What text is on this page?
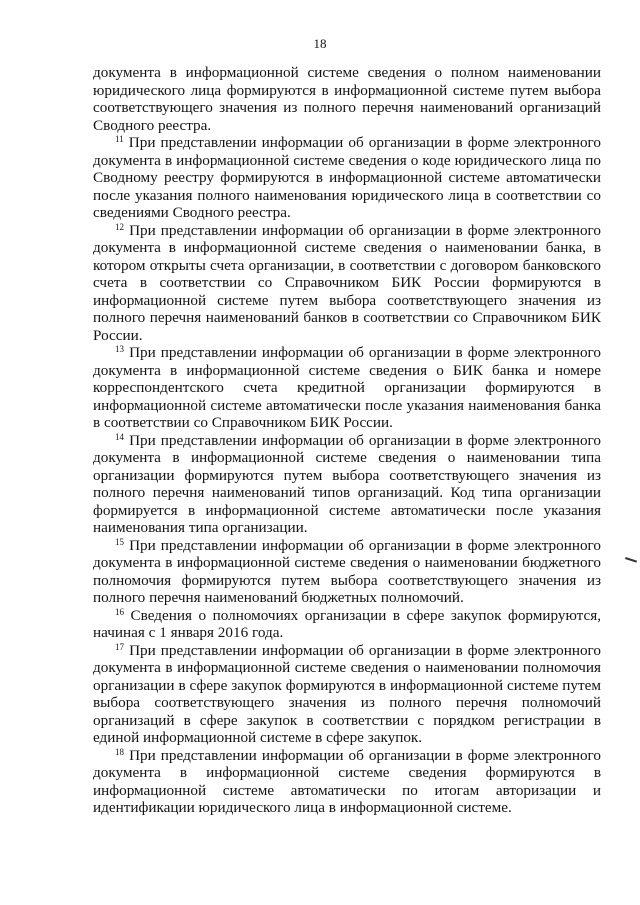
18

документа в информационной системе сведения о полном наименовании юридического лица формируются в информационной системе путем выбора соответствующего значения из полного перечня наименований организаций Сводного реестра.

$^{11}$ При представлении информации об организации в форме электронного документа в информационной системе сведения о коде юридического лица по Сводному реестру формируются в информационной системе автоматически после указания полного наименования юридического лица в соответствии со сведениями Сводного реестра.

$^{12}$ При представлении информации об организации в форме электронного документа в информационной системе сведения о наименовании банка, в котором открыты счета организации, в соответствии с договором банковского счета в соответствии со Справочником БИК России формируются в информационной системе путем выбора соответствующего значения из полного перечня наименований банков в соответствии со Справочником БИК России.

$^{13}$ При представлении информации об организации в форме электронного документа в информационной системе сведения о БИК банка и номере корреспондентского счета кредитной организации формируются в информационной системе автоматически после указания наименования банка в соответствии со Справочником БИК России.

$^{14}$ При представлении информации об организации в форме электронного документа в информационной системе сведения о наименовании типа организации формируются путем выбора соответствующего значения из полного перечня наименований типов организаций. Код типа организации формируется в информационной системе автоматически после указания наименования типа организации.

$^{15}$ При представлении информации об организации в форме электронного документа в информационной системе сведения о наименовании бюджетного полномочия формируются путем выбора соответствующего значения из полного перечня наименований бюджетных полномочий.

$^{16}$ Сведения о полномочиях организации в сфере закупок формируются, начиная с 1 января 2016 года.

$^{17}$ При представлении информации об организации в форме электронного документа в информационной системе сведения о наименовании полномочия организации в сфере закупок формируются в информационной системе путем выбора соответствующего значения из полного перечня полномочий организаций в сфере закупок в соответствии с порядком регистрации в единой информационной системе в сфере закупок.

$^{18}$ При представлении информации об организации в форме электронного документа в информационной системе сведения формируются в информационной системе автоматически по итогам авторизации и идентификации юридического лица в информационной системе.
